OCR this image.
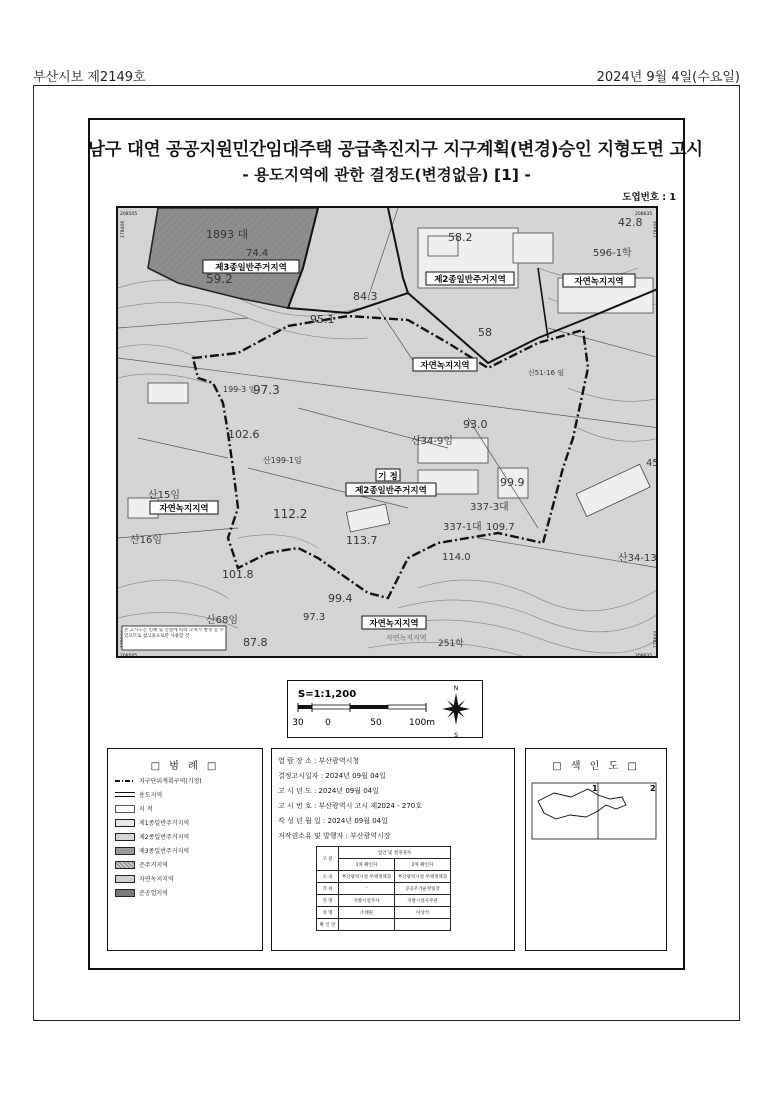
부산시보 제2149호	2024년 9월 4일(수요일)
남구 대연 공공지원민간임대주택 공급촉진지구 지구계획(변경)승인 지형도면 고시
- 용도지역에 관한 결정도(변경없음) [1] -
도엽번호 : 1
제3종일반주거지역
제2종일반주거지역	자연녹지지역
자연녹지지역
기 정
제2종일반주거지역
자연녹지지역
자연녹지지역
1893 대
74.4
59.2
58.2
596-1학
84.3
95.1
58
42.8
신51-16 임
97.3
199-3 임
93.0
신34-9임
102.6
99.9
산199-1임
337-3대
산15임
112.2
337-1대 109.7
산16임	113.7
114.0
101.8
99.4
산34-13
97.3
산68임
251학
87.8
45
자연녹지지역
208505	208635
208505	208635
178406	178406
178644
본 고시도는 인쇄 및 신설에 따라 오차가 발생 할 수 있으므로 참고용으로만 사용할 것
S=1:1,200
30 0	50	100m
N
S
□ 범 례 □
지구단위계획구역(기정)
용도지역
지 적
제1종일반주거지역
제2종일반주거지역
제3종일반주거지역
준주거지역
자연녹지지역
준공업지역
열 람 장 소 : 부산광역시청
결정고시일자 : 2024년 09월 04일
고 시 년 도 : 2024년 09월 04일
고 시 번 호 : 부산광역시 고시 제2024 - 270호
작 성 년 월 일 : 2024년 09월 04일
저작권소유 및 발행자 : 부산광역시장
구 분	입안 및 결정권자	
	1차 확인자	2차 확인자
소 속	부산광역시청 주택정책과	부산광역시청 주택정책과
직 위	-	공공주거운영팀장
직 명	지방시설주사	지방시설사무관
성 명	조대원	이상석
확 인 란		
□ 색 인 도 □
1	2
